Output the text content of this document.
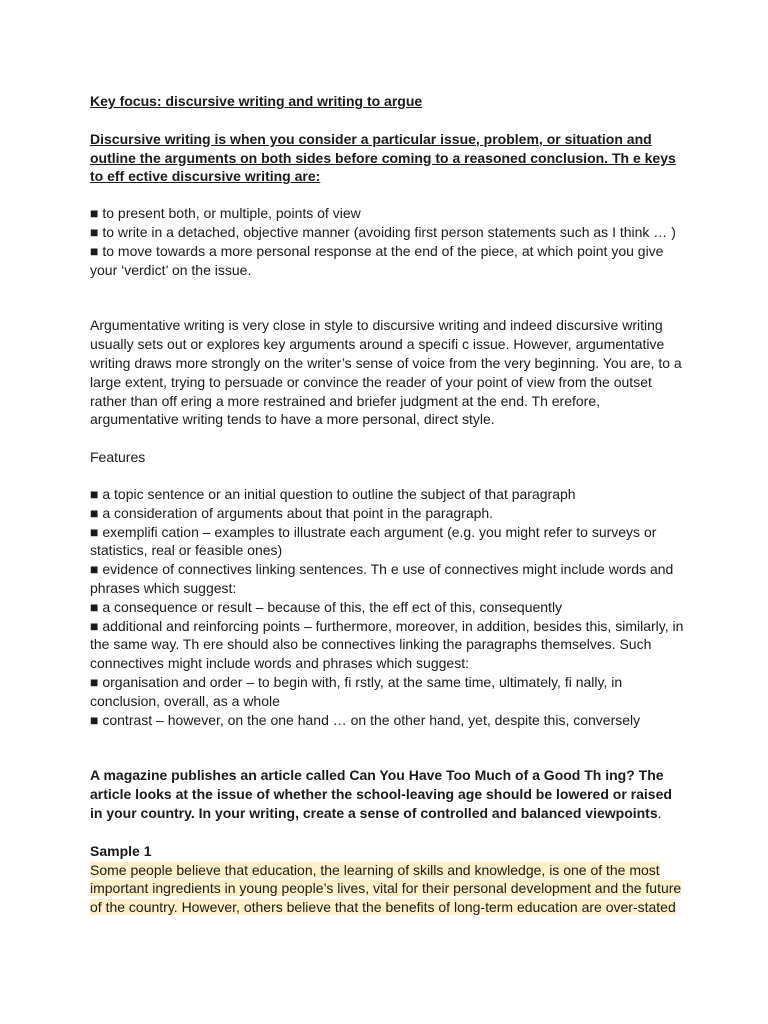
Key focus: discursive writing and writing to argue

Discursive writing is when you consider a particular issue, problem, or situation and outline the arguments on both sides before coming to a reasoned conclusion. Th e keys to eff ective discursive writing are:

■ to present both, or multiple, points of view
■ to write in a detached, objective manner (avoiding first person statements such as I think … )
■ to move towards a more personal response at the end of the piece, at which point you give your ‘verdict’ on the issue.

Argumentative writing is very close in style to discursive writing and indeed discursive writing usually sets out or explores key arguments around a specifi c issue. However, argumentative writing draws more strongly on the writer’s sense of voice from the very beginning. You are, to a large extent, trying to persuade or convince the reader of your point of view from the outset rather than off ering a more restrained and briefer judgment at the end. Th erefore, argumentative writing tends to have a more personal, direct style.

Features

■ a topic sentence or an initial question to outline the subject of that paragraph
■ a consideration of arguments about that point in the paragraph.
■ exemplifi cation – examples to illustrate each argument (e.g. you might refer to surveys or statistics, real or feasible ones)
■ evidence of connectives linking sentences. Th e use of connectives might include words and phrases which suggest:
■ a consequence or result – because of this, the eff ect of this, consequently
■ additional and reinforcing points – furthermore, moreover, in addition, besides this, similarly, in the same way. Th ere should also be connectives linking the paragraphs themselves. Such connectives might include words and phrases which suggest:
■ organisation and order – to begin with, fi rstly, at the same time, ultimately, fi nally, in conclusion, overall, as a whole
■ contrast – however, on the one hand … on the other hand, yet, despite this, conversely

A magazine publishes an article called Can You Have Too Much of a Good Th ing? The article looks at the issue of whether the school-leaving age should be lowered or raised in your country. In your writing, create a sense of controlled and balanced viewpoints.

Sample 1

Some people believe that education, the learning of skills and knowledge, is one of the most important ingredients in young people’s lives, vital for their personal development and the future of the country. However, others believe that the benefits of long-term education are over-stated
